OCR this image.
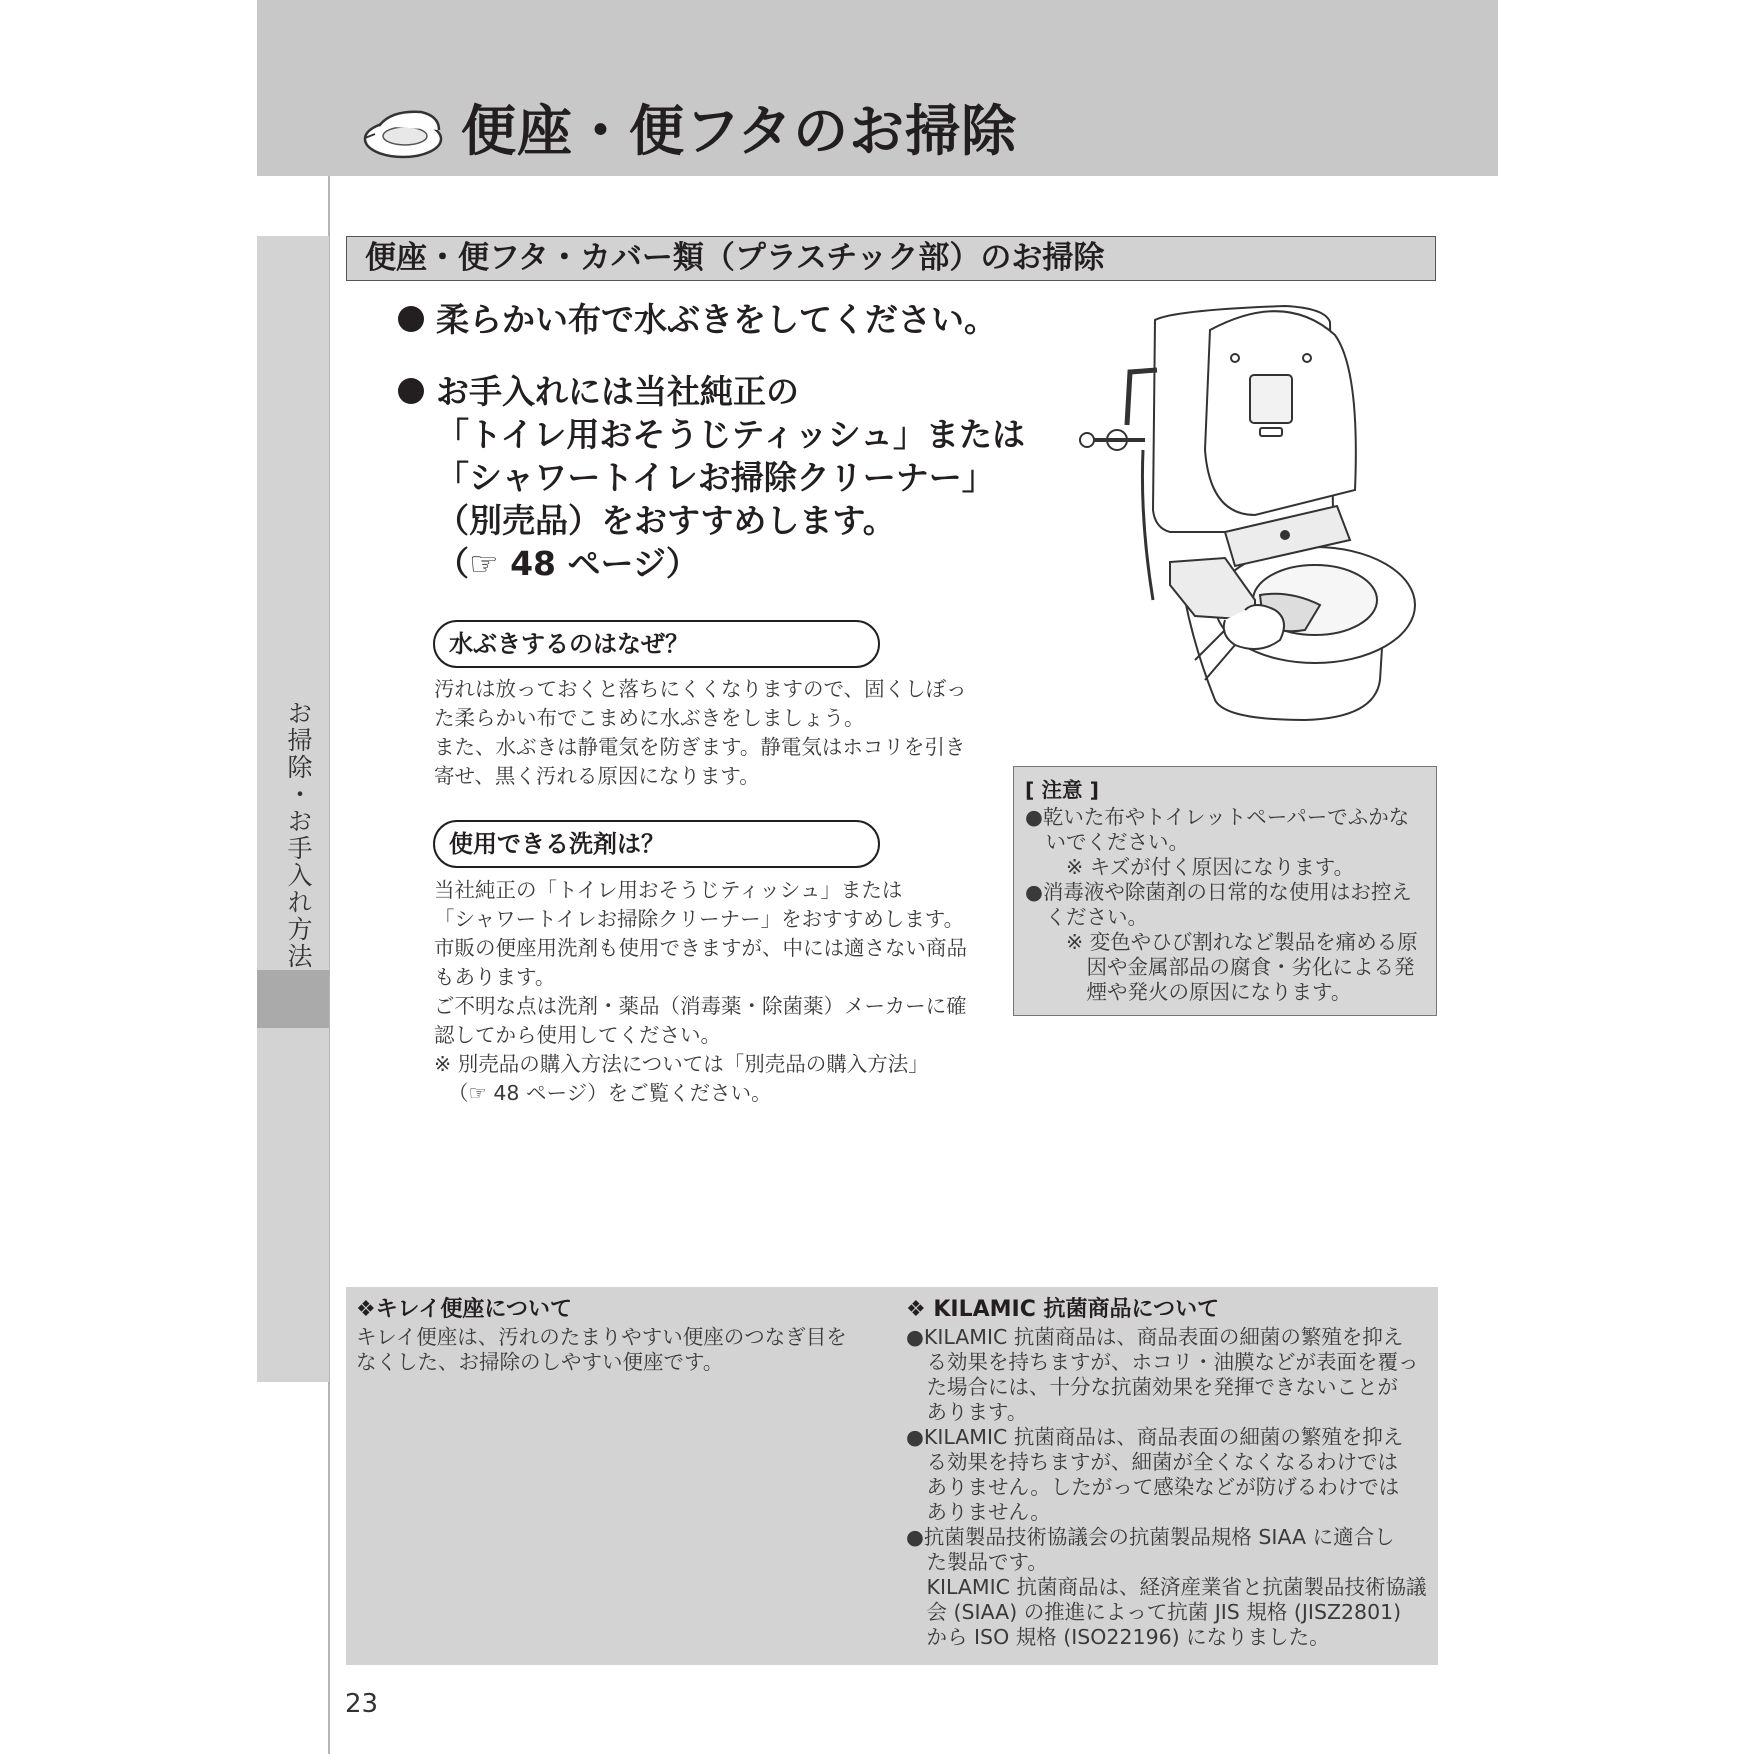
便座・便フタのお掃除
お掃除・お手入れ方法
便座・便フタ・カバー類（プラスチック部）のお掃除
柔らかい布で水ぶきをしてください。
お手入れには当社純正の
「トイレ用おそうじティッシュ」または
「シャワートイレお掃除クリーナー」
（別売品）をおすすめします。
（☞ 48 ページ）
水ぶきするのはなぜ？
汚れは放っておくと落ちにくくなりますので、固くしぼっ
た柔らかい布でこまめに水ぶきをしましょう。
また、水ぶきは静電気を防ぎます。静電気はホコリを引き
寄せ、黒く汚れる原因になります。
使用できる洗剤は？
当社純正の「トイレ用おそうじティッシュ」または
「シャワートイレお掃除クリーナー」をおすすめします。
市販の便座用洗剤も使用できますが、中には適さない商品
もあります。
ご不明な点は洗剤・薬品（消毒薬・除菌薬）メーカーに確
認してから使用してください。
※ 別売品の購入方法については「別売品の購入方法」
（☞ 48 ページ）をご覧ください。
[ 注意 ]
●乾いた布やトイレットペーパーでふかな
　いでください。
　　※ キズが付く原因になります。
●消毒液や除菌剤の日常的な使用はお控え
　ください。
　　※ 変色やひび割れなど製品を痛める原
　　　因や金属部品の腐食・劣化による発
　　　煙や発火の原因になります。
❖キレイ便座について
キレイ便座は、汚れのたまりやすい便座のつなぎ目を
なくした、お掃除のしやすい便座です。
❖ KILAMIC 抗菌商品について
●KILAMIC 抗菌商品は、商品表面の細菌の繁殖を抑え
　る効果を持ちますが、ホコリ・油膜などが表面を覆っ
　た場合には、十分な抗菌効果を発揮できないことが
　あります。
●KILAMIC 抗菌商品は、商品表面の細菌の繁殖を抑え
　る効果を持ちますが、細菌が全くなくなるわけでは
　ありません。したがって感染などが防げるわけでは
　ありません。
●抗菌製品技術協議会の抗菌製品規格 SIAA に適合し
　た製品です。
　KILAMIC 抗菌商品は、経済産業省と抗菌製品技術協議
　会 (SIAA) の推進によって抗菌 JIS 規格 (JISZ2801)
　から ISO 規格 (ISO22196) になりました。
23
